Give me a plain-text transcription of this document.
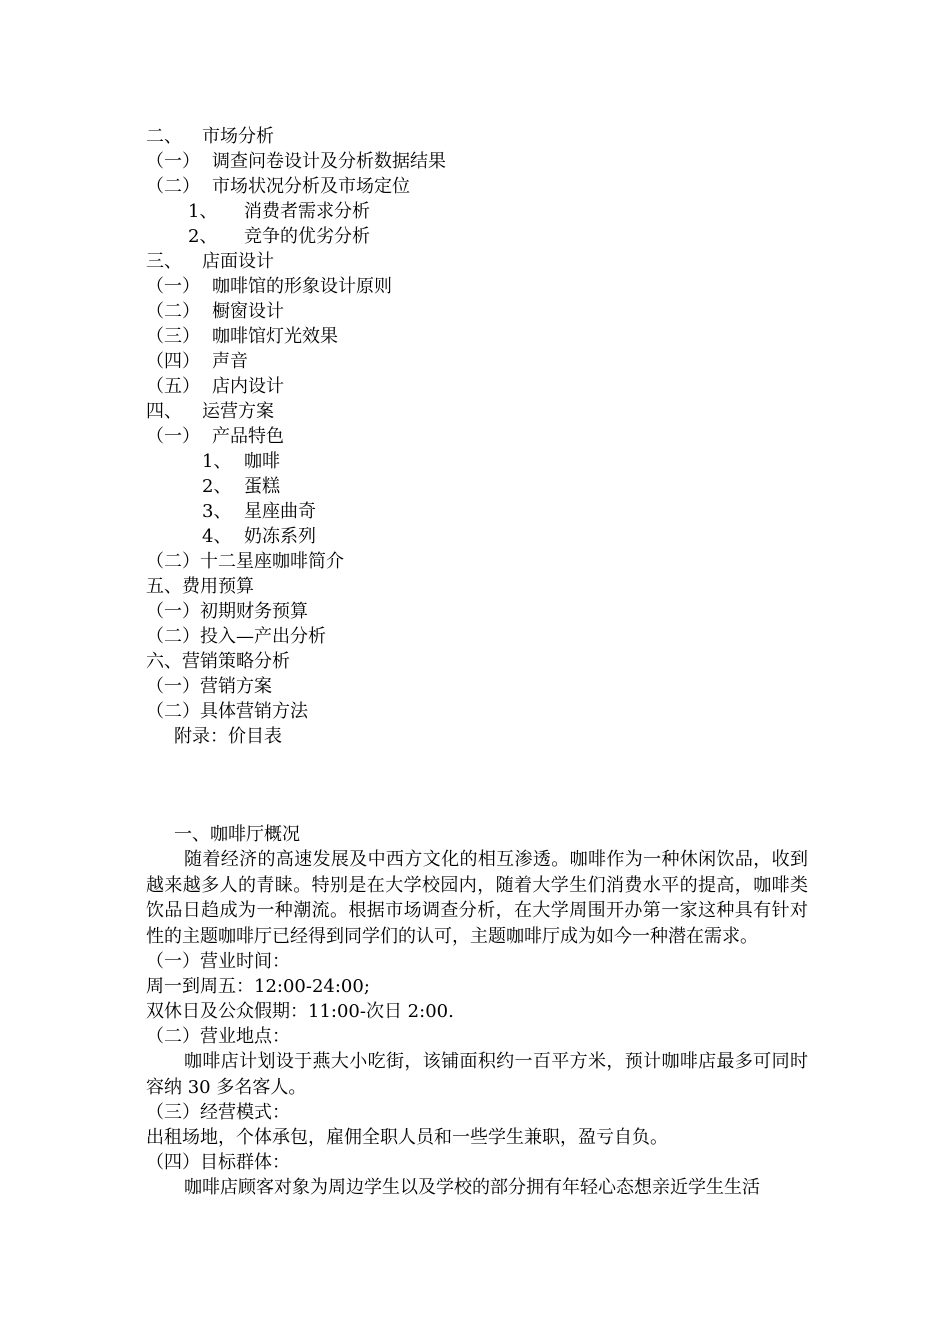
二、 市场分析
（一） 调查问卷设计及分析数据结果
（二） 市场状况分析及市场定位
1、 消费者需求分析
2、 竞争的优劣分析
三、 店面设计
（一） 咖啡馆的形象设计原则
（二） 橱窗设计
（三） 咖啡馆灯光效果
（四） 声音
（五） 店内设计
四、 运营方案
（一） 产品特色
1、 咖啡
2、 蛋糕
3、 星座曲奇
4、 奶冻系列
（二）十二星座咖啡简介
五、费用预算
（一）初期财务预算
（二）投入—产出分析
六、营销策略分析
（一）营销方案
（二）具体营销方法
附录：价目表
一、咖啡厅概况
随着经济的高速发展及中西方文化的相互渗透。咖啡作为一种休闲饮品，收到越来越多人的青睐。特别是在大学校园内，随着大学生们消费水平的提高，咖啡类饮品日趋成为一种潮流。根据市场调查分析，在大学周围开办第一家这种具有针对性的主题咖啡厅已经得到同学们的认可，主题咖啡厅成为如今一种潜在需求。
（一）营业时间：
周一到周五：12:00-24:00;
双休日及公众假期：11:00-次日 2:00.
（二）营业地点：
咖啡店计划设于燕大小吃街，该铺面积约一百平方米，预计咖啡店最多可同时容纳 30 多名客人。
（三）经营模式：
出租场地，个体承包，雇佣全职人员和一些学生兼职，盈亏自负。
（四）目标群体：
咖啡店顾客对象为周边学生以及学校的部分拥有年轻心态想亲近学生生活
